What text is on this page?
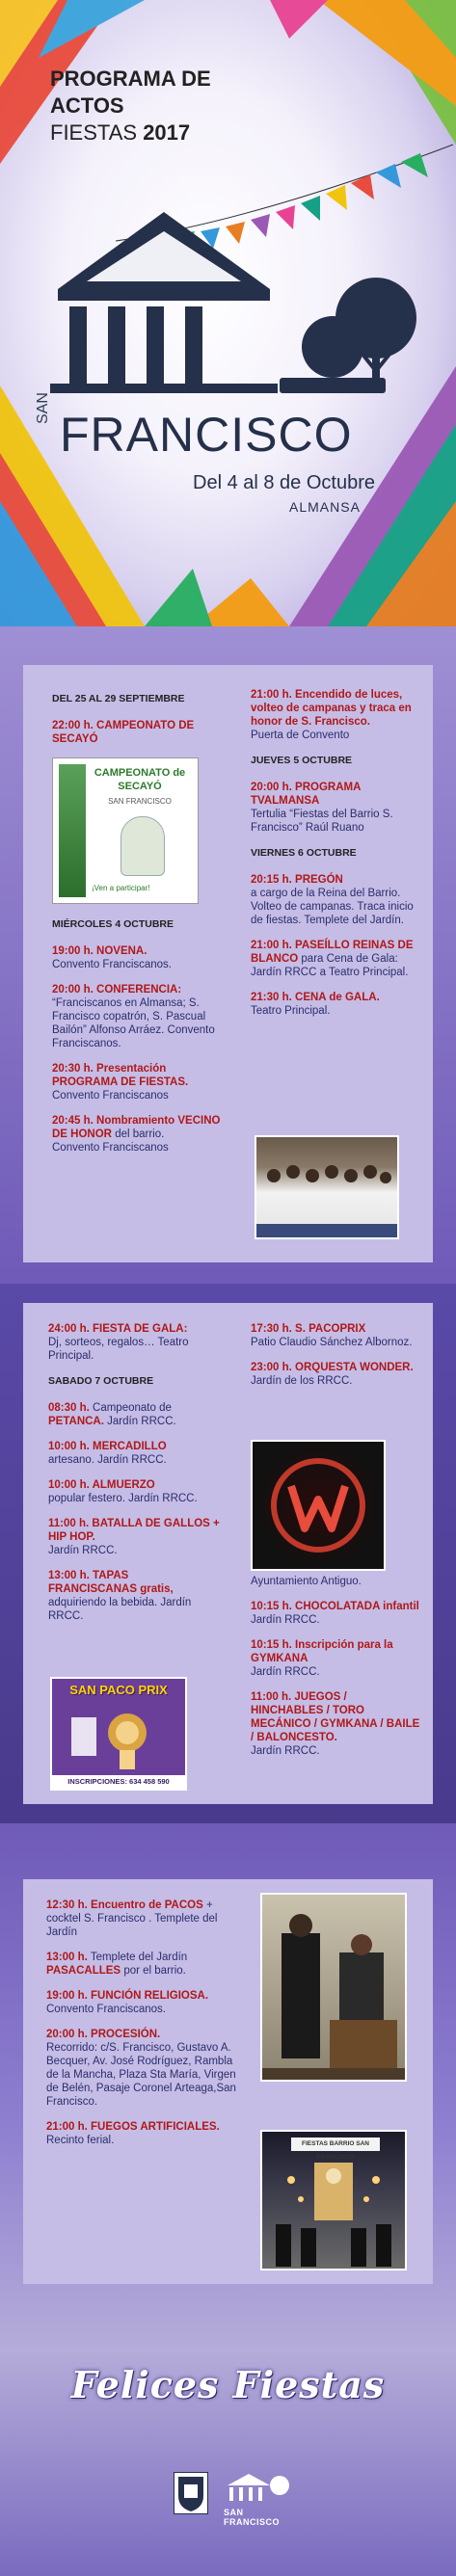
PROGRAMA DE
ACTOS
FIESTAS 2017
SAN FRANCISCO
Del 4 al 8 de Octubre
ALMANSA

DEL 25 AL 29 SEPTIEMBRE

22:00 h. CAMPEONATO DE SECAYÓ

CAMPEONATO de SECAYÓ
SAN FRANCISCO
¡Ven a participar!

MIÉRCOLES 4 OCTUBRE

19:00 h. NOVENA.
Convento Franciscanos.

20:00 h. CONFERENCIA:
“Franciscanos en Almansa; S. Francisco copatrón, S. Pascual Bailón” Alfonso Arráez. Convento Franciscanos.

20:30 h. Presentación PROGRAMA DE FIESTAS.
Convento Franciscanos

20:45 h. Nombramiento VECINO DE HONOR del barrio.
Convento Franciscanos

21:00 h. Encendido de luces, volteo de campanas y traca en honor de S. Francisco.
Puerta de Convento

JUEVES 5 OCTUBRE

20:00 h. PROGRAMA TVALMANSA
Tertulia “Fiestas del Barrio S. Francisco” Raúl Ruano

VIERNES 6 OCTUBRE

20:15 h. PREGÓN
a cargo de la Reina del Barrio. Volteo de campanas. Traca inicio de fiestas. Templete del Jardín.

21:00 h. PASEÍLLO REINAS DE BLANCO para Cena de Gala: Jardín RRCC a Teatro Principal.

21:30 h. CENA de GALA.
Teatro Principal.

24:00 h. FIESTA DE GALA:
Dj, sorteos, regalos… Teatro Principal.

SABADO 7 OCTUBRE

08:30 h. Campeonato de
PETANCA. Jardín RRCC.

10:00 h. MERCADILLO
artesano. Jardín RRCC.

10:00 h. ALMUERZO
popular festero. Jardín RRCC.

11:00 h. BATALLA DE GALLOS + HIP HOP.
Jardín RRCC.

13:00 h. TAPAS FRANCISCANAS gratis, adquiriendo la bebida. Jardín RRCC.

SAN PACO PRIX
INSCRIPCIONES: 634 458 590

17:30 h. S. PACOPRIX
Patio Claudio Sánchez Albornoz.

23:00 h. ORQUESTA WONDER. Jardín de los RRCC.

Ayuntamiento Antiguo.

10:15 h. CHOCOLATADA infantil
Jardín RRCC.

10:15 h. Inscripción para la GYMKANA
Jardín RRCC.

11:00 h. JUEGOS / HINCHABLES / TORO MECÁNICO / GYMKANA / BAILE / BALONCESTO.
Jardín RRCC.

12:30 h. Encuentro de PACOS + cocktel S. Francisco . Templete del Jardín

13:00 h. Templete del Jardín
PASACALLES por el barrio.

19:00 h. FUNCIÓN RELIGIOSA.
Convento Franciscanos.

20:00 h. PROCESIÓN.
Recorrido: c/S. Francisco, Gustavo A. Becquer, Av. José Rodríguez, Rambla de la Mancha, Plaza Sta María, Virgen de Belén, Pasaje Coronel Arteaga,San Francisco.

21:00 h. FUEGOS ARTIFICIALES.
Recinto ferial.	FIESTAS BARRIO SAN FRANCISCO
Felices Fiestas
SAN FRANCISCO
